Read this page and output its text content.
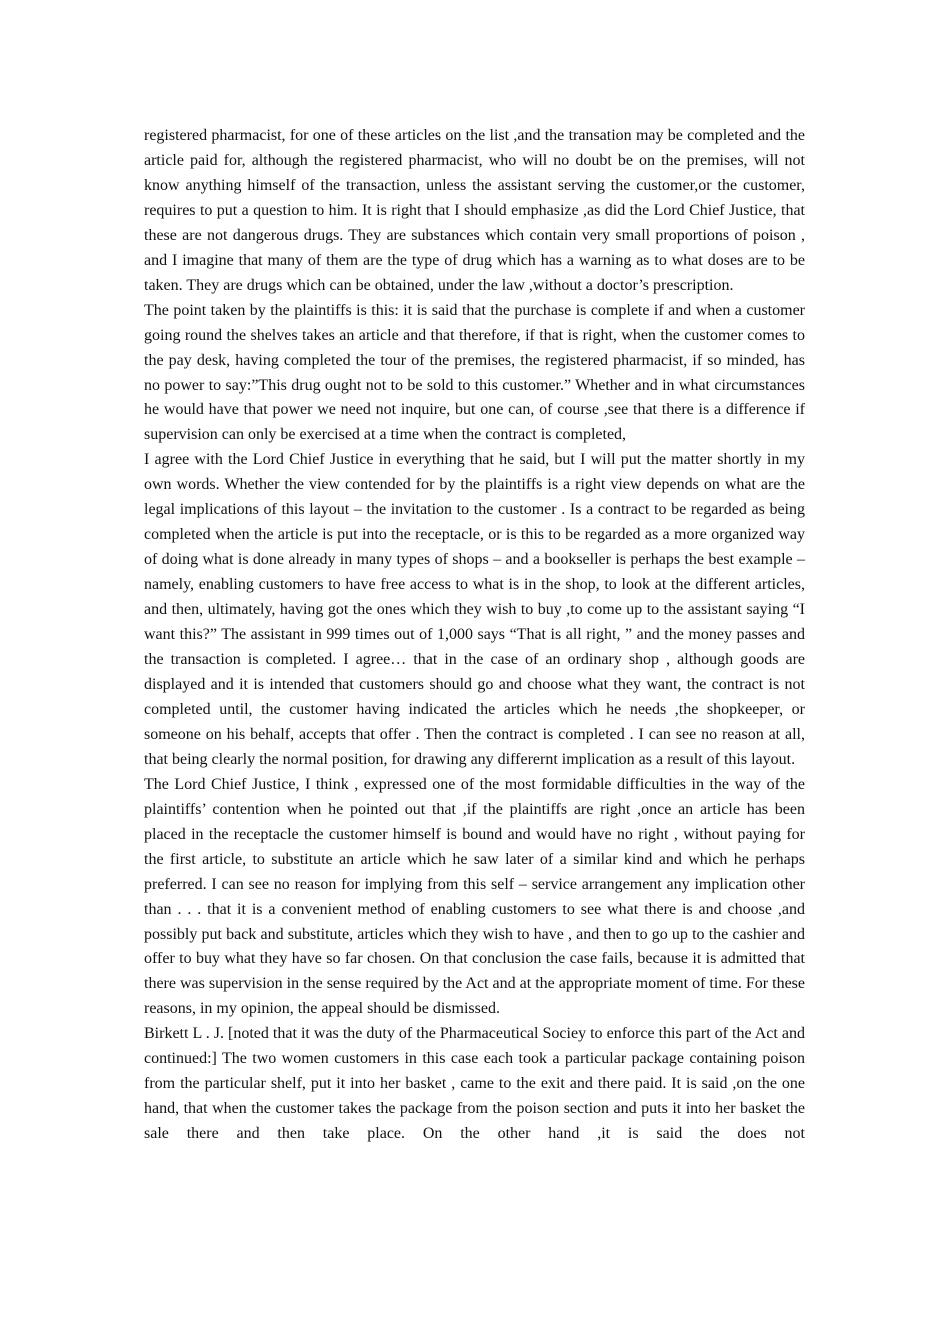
registered pharmacist, for one of these articles on the list ,and the transation may be completed and the article paid for, although the registered pharmacist, who will no doubt be on the premises, will not know anything himself of the transaction, unless the assistant serving the customer,or the customer, requires to put a question to him. It is right that I should emphasize ,as did the Lord Chief Justice, that these are not dangerous drugs. They are substances which contain very small proportions of poison , and I imagine that many of them are the type of drug which has a warning as to what doses are to be taken. They are drugs which can be obtained, under the law ,without a doctor’s prescription.

The point taken by the plaintiffs is this: it is said that the purchase is complete if and when a customer going round the shelves takes an article and that therefore, if that is right, when the customer comes to the pay desk, having completed the tour of the premises, the registered pharmacist, if so minded, has no power to say:”This drug ought not to be sold to this customer.” Whether and in what circumstances he would have that power we need not inquire, but one can, of course ,see that there is a difference if supervision can only be exercised at a time when the contract is completed,

I agree with the Lord Chief Justice in everything that he said, but I will put the matter shortly in my own words. Whether the view contended for by the plaintiffs is a right view depends on what are the legal implications of this layout – the invitation to the customer . Is a contract to be regarded as being completed when the article is put into the receptacle, or is this to be regarded as a more organized way of doing what is done already in many types of shops – and a bookseller is perhaps the best example – namely, enabling customers to have free access to what is in the shop, to look at the different articles, and then, ultimately, having got the ones which they wish to buy ,to come up to the assistant saying “I want this?” The assistant in 999 times out of 1,000 says “That is all right, ” and the money passes and the transaction is completed. I agree… that in the case of an ordinary shop , although goods are displayed and it is intended that customers should go and choose what they want, the contract is not completed until, the customer having indicated the articles which he needs ,the shopkeeper, or someone on his behalf, accepts that offer . Then the contract is completed . I can see no reason at all, that being clearly the normal position, for drawing any differernt implication as a result of this layout.

The Lord Chief Justice, I think , expressed one of the most formidable difficulties in the way of the plaintiffs’ contention when he pointed out that ,if the plaintiffs are right ,once an article has been placed in the receptacle the customer himself is bound and would have no right , without paying for the first article, to substitute an article which he saw later of a similar kind and which he perhaps preferred. I can see no reason for implying from this self – service arrangement any implication other than . . . that it is a convenient method of enabling customers to see what there is and choose ,and possibly put back and substitute, articles which they wish to have , and then to go up to the cashier and offer to buy what they have so far chosen. On that conclusion the case fails, because it is admitted that there was supervision in the sense required by the Act and at the appropriate moment of time. For these reasons, in my opinion, the appeal should be dismissed.

Birkett L . J. [noted that it was the duty of the Pharmaceutical Sociey to enforce this part of the Act and continued:] The two women customers in this case each took a particular package containing poison from the particular shelf, put it into her basket , came to the exit and there paid. It is said ,on the one hand, that when the customer takes the package from the poison section and puts it into her basket the sale there and then take place. On the other hand ,it is said the does not
